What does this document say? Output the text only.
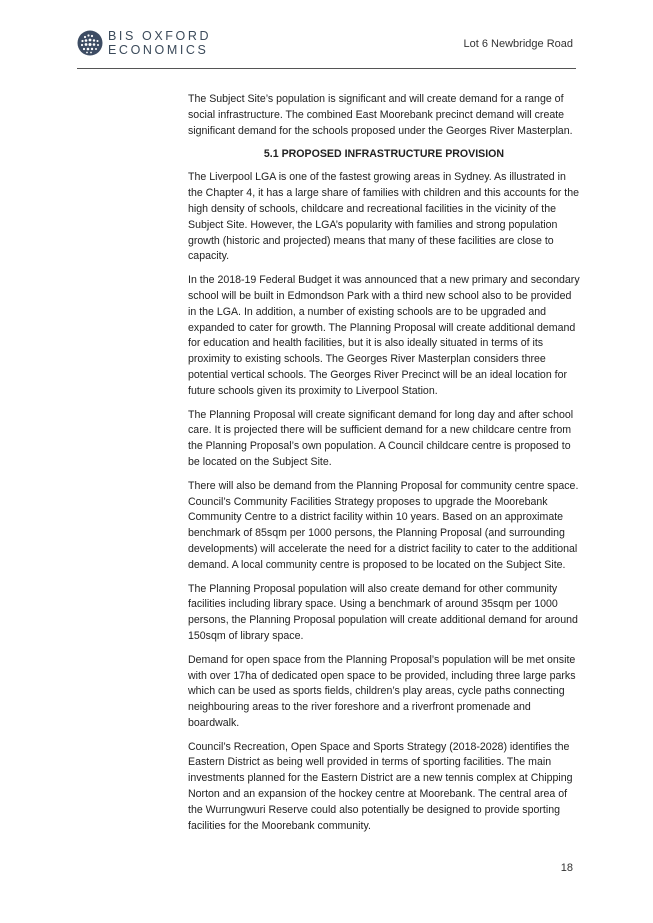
BIS OXFORD
ECONOMICS	Lot 6 Newbridge Road

The Subject Site’s population is significant and will create demand for a range of social infrastructure. The combined East Moorebank precinct demand will create significant demand for the schools proposed under the Georges River Masterplan.

5.1 PROPOSED INFRASTRUCTURE PROVISION

The Liverpool LGA is one of the fastest growing areas in Sydney. As illustrated in the Chapter 4, it has a large share of families with children and this accounts for the high density of schools, childcare and recreational facilities in the vicinity of the Subject Site. However, the LGA’s popularity with families and strong population growth (historic and projected) means that many of these facilities are close to capacity.

In the 2018-19 Federal Budget it was announced that a new primary and secondary school will be built in Edmondson Park with a third new school also to be provided in the LGA. In addition, a number of existing schools are to be upgraded and expanded to cater for growth. The Planning Proposal will create additional demand for education and health facilities, but it is also ideally situated in terms of its proximity to existing schools. The Georges River Masterplan considers three potential vertical schools. The Georges River Precinct will be an ideal location for future schools given its proximity to Liverpool Station.

The Planning Proposal will create significant demand for long day and after school care. It is projected there will be sufficient demand for a new childcare centre from the Planning Proposal’s own population. A Council childcare centre is proposed to be located on the Subject Site.

There will also be demand from the Planning Proposal for community centre space. Council’s Community Facilities Strategy proposes to upgrade the Moorebank Community Centre to a district facility within 10 years. Based on an approximate benchmark of 85sqm per 1000 persons, the Planning Proposal (and surrounding developments) will accelerate the need for a district facility to cater to the additional demand. A local community centre is proposed to be located on the Subject Site.

The Planning Proposal population will also create demand for other community facilities including library space. Using a benchmark of around 35sqm per 1000 persons, the Planning Proposal population will create additional demand for around 150sqm of library space.

Demand for open space from the Planning Proposal’s population will be met onsite with over 17ha of dedicated open space to be provided, including three large parks which can be used as sports fields, children’s play areas, cycle paths connecting neighbouring areas to the river foreshore and a riverfront promenade and boardwalk.

Council’s Recreation, Open Space and Sports Strategy (2018-2028) identifies the Eastern District as being well provided in terms of sporting facilities. The main investments planned for the Eastern District are a new tennis complex at Chipping Norton and an expansion of the hockey centre at Moorebank. The central area of the Wurrungwuri Reserve could also potentially be designed to provide sporting facilities for the Moorebank community.

18
